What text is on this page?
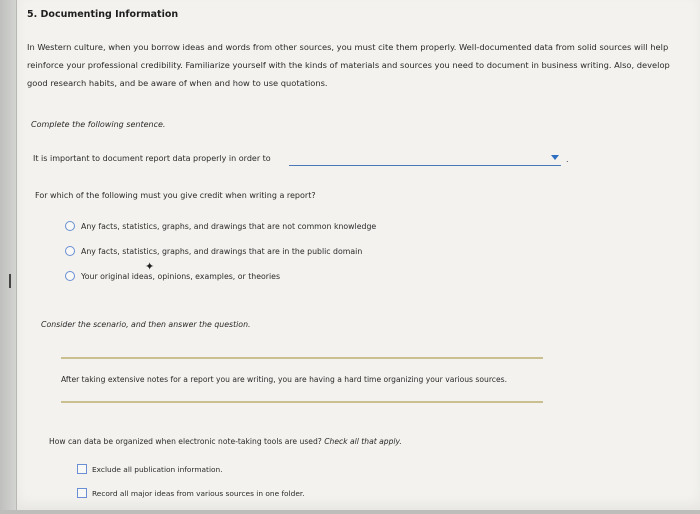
5. Documenting Information
In Western culture, when you borrow ideas and words from other sources, you must cite them properly. Well-documented data from solid sources will help reinforce your professional credibility. Familiarize yourself with the kinds of materials and sources you need to document in business writing. Also, develop good research habits, and be aware of when and how to use quotations.
Complete the following sentence.
It is important to document report data properly in order to	.
For which of the following must you give credit when writing a report?
Any facts, statistics, graphs, and drawings that are not common knowledge
Any facts, statistics, graphs, and drawings that are in the public domain
Your original ideas, opinions, examples, or theories
✦
Consider the scenario, and then answer the question.
After taking extensive notes for a report you are writing, you are having a hard time organizing your various sources.
How can data be organized when electronic note-taking tools are used? Check all that apply.
Exclude all publication information.
Record all major ideas from various sources in one folder.
